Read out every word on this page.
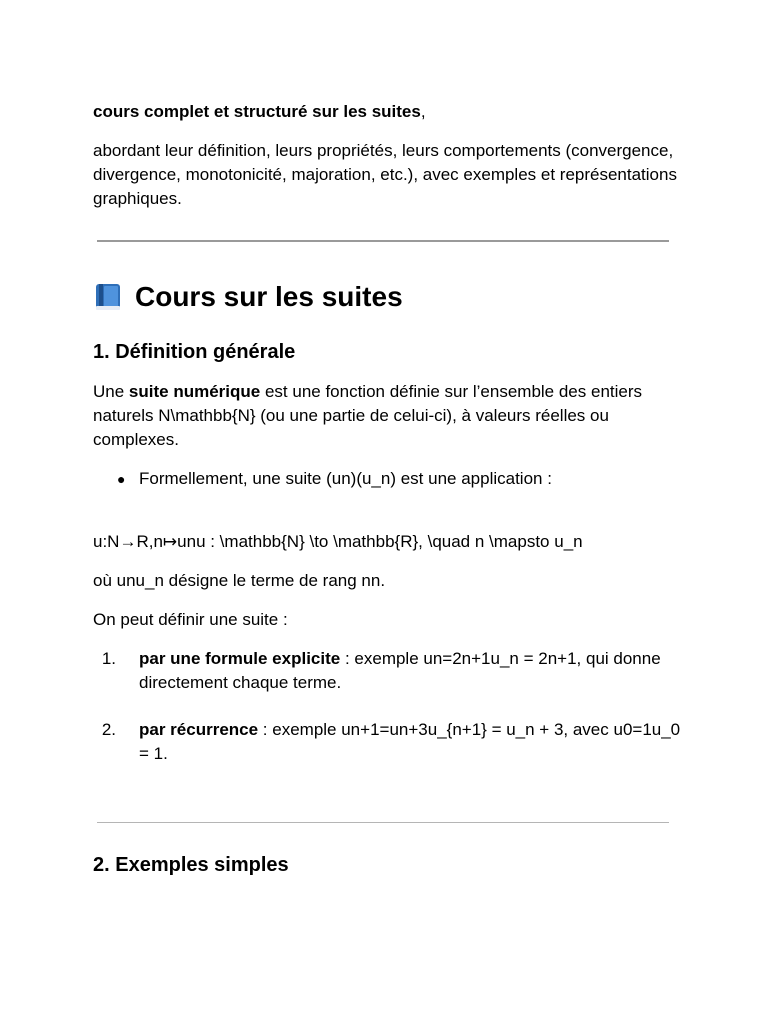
cours complet et structuré sur les suites,

abordant leur définition, leurs propriétés, leurs comportements (convergence, divergence, monotonicité, majoration, etc.), avec exemples et représentations graphiques.

Cours sur les suites
1. Définition générale

Une suite numérique est une fonction définie sur l’ensemble des entiers naturels N\mathbb{N} (ou une partie de celui-ci), à valeurs réelles ou complexes.

● Formellement, une suite (un)(u_n) est une application :

u:N→R,n↦unu : \mathbb{N} \to \mathbb{R}, \quad n \mapsto u_n

où unu_n désigne le terme de rang nn.

On peut définir une suite :

1. par une formule explicite : exemple un=2n+1u_n = 2n+1, qui donne directement chaque terme.
2. par récurrence : exemple un+1=un+3u_{n+1} = u_n + 3, avec u0=1u_0 = 1.
2. Exemples simples
